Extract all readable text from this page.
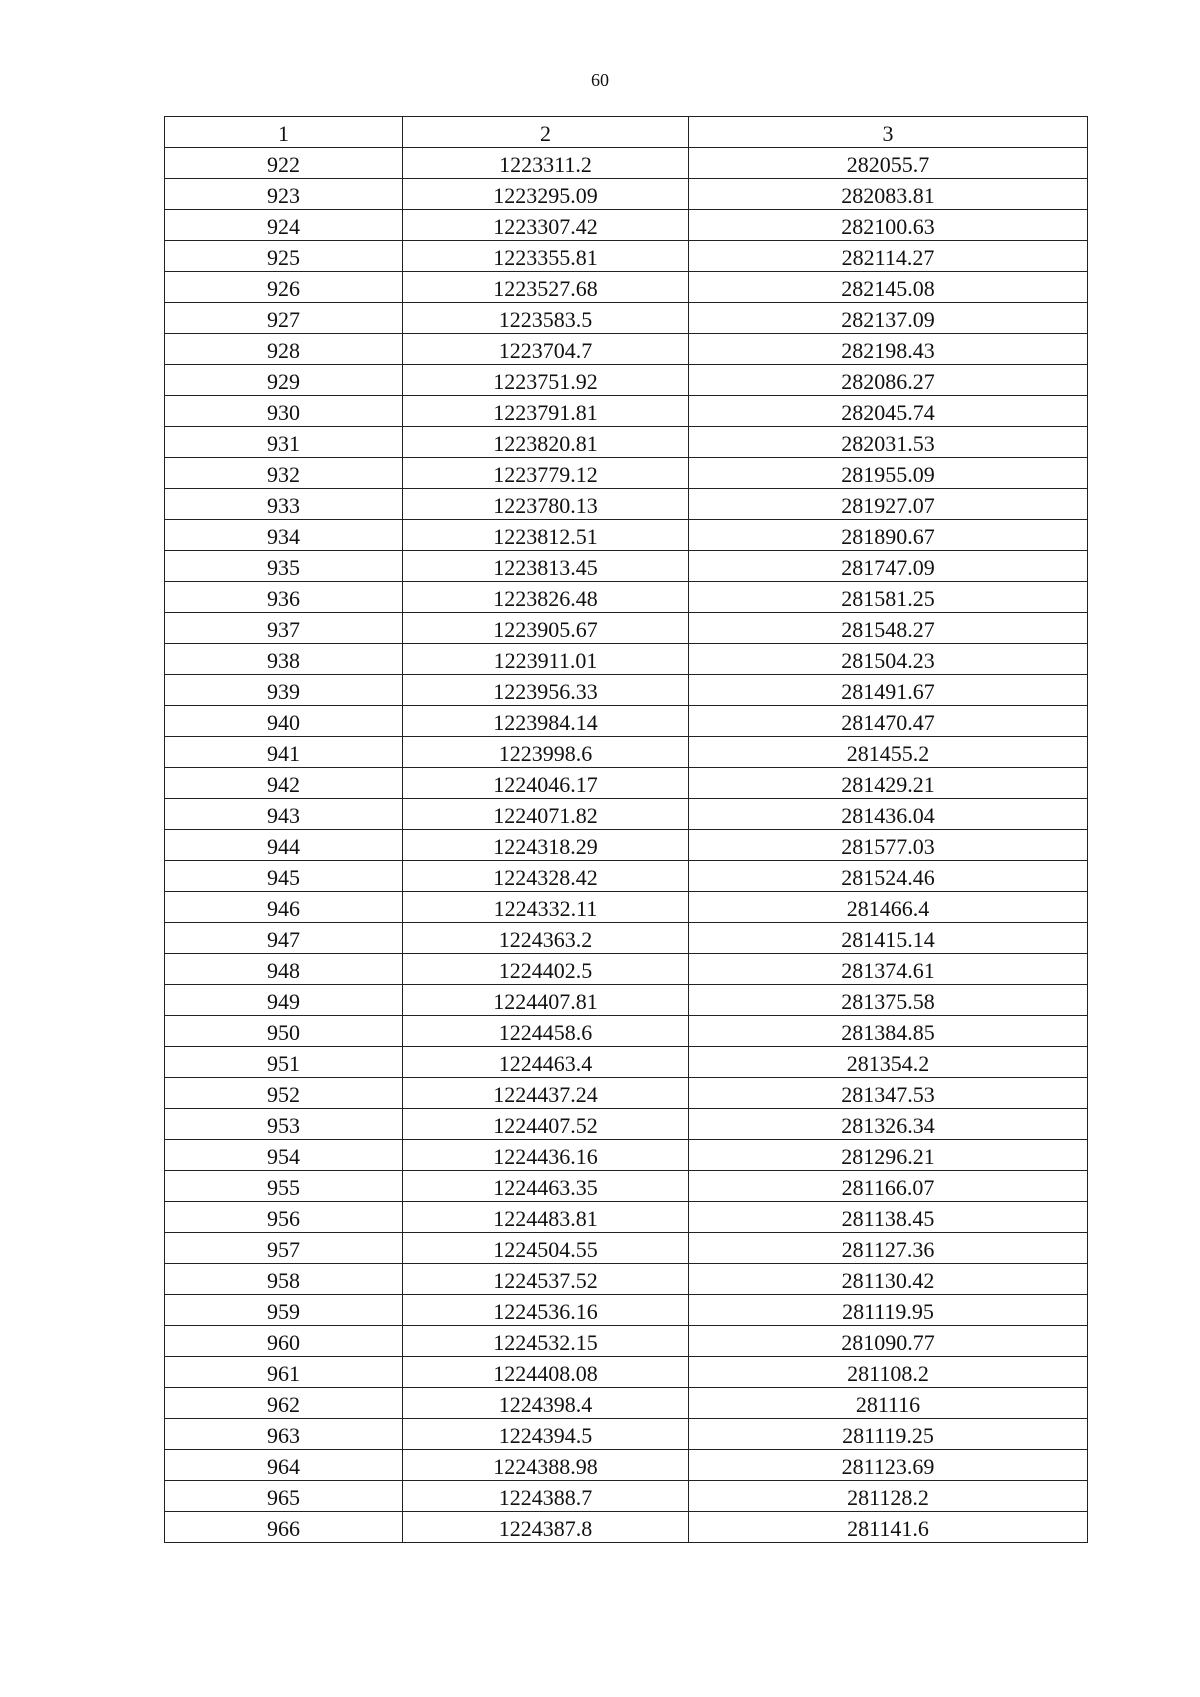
60
1	2	3
922	1223311.2	282055.7
923	1223295.09	282083.81
924	1223307.42	282100.63
925	1223355.81	282114.27
926	1223527.68	282145.08
927	1223583.5	282137.09
928	1223704.7	282198.43
929	1223751.92	282086.27
930	1223791.81	282045.74
931	1223820.81	282031.53
932	1223779.12	281955.09
933	1223780.13	281927.07
934	1223812.51	281890.67
935	1223813.45	281747.09
936	1223826.48	281581.25
937	1223905.67	281548.27
938	1223911.01	281504.23
939	1223956.33	281491.67
940	1223984.14	281470.47
941	1223998.6	281455.2
942	1224046.17	281429.21
943	1224071.82	281436.04
944	1224318.29	281577.03
945	1224328.42	281524.46
946	1224332.11	281466.4
947	1224363.2	281415.14
948	1224402.5	281374.61
949	1224407.81	281375.58
950	1224458.6	281384.85
951	1224463.4	281354.2
952	1224437.24	281347.53
953	1224407.52	281326.34
954	1224436.16	281296.21
955	1224463.35	281166.07
956	1224483.81	281138.45
957	1224504.55	281127.36
958	1224537.52	281130.42
959	1224536.16	281119.95
960	1224532.15	281090.77
961	1224408.08	281108.2
962	1224398.4	281116
963	1224394.5	281119.25
964	1224388.98	281123.69
965	1224388.7	281128.2
966	1224387.8	281141.6
